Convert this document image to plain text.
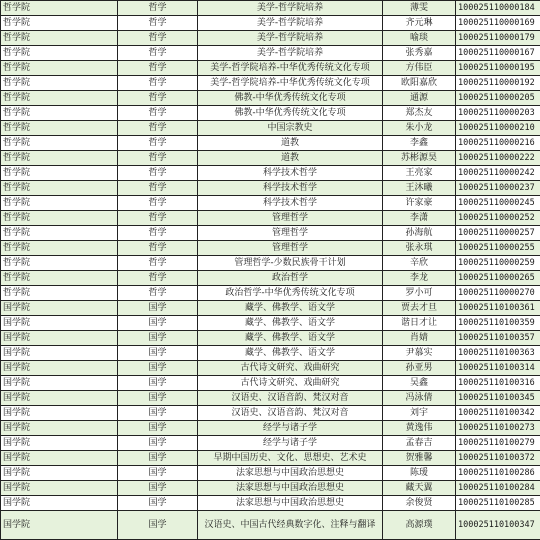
哲学院	哲学	美学-哲学院培养	薄雯	100025110000184
哲学院	哲学	美学-哲学院培养	齐元琳	100025110000169
哲学院	哲学	美学-哲学院培养	喻琰	100025110000179
哲学院	哲学	美学-哲学院培养	张秀嘉	100025110000167
哲学院	哲学	美学-哲学院培养-中华优秀传统文化专项	方伟臣	100025110000195
哲学院	哲学	美学-哲学院培养-中华优秀传统文化专项	欧阳嘉欣	100025110000192
哲学院	哲学	佛教-中华优秀传统文化专项	通源	100025110000205
哲学院	哲学	佛教-中华优秀传统文化专项	郑杰友	100025110000203
哲学院	哲学	中国宗教史	朱小龙	100025110000210
哲学院	哲学	道教	李鑫	100025110000216
哲学院	哲学	道教	苏彬源昊	100025110000222
哲学院	哲学	科学技术哲学	王亮家	100025110000242
哲学院	哲学	科学技术哲学	王沐曦	100025110000237
哲学院	哲学	科学技术哲学	许家豪	100025110000245
哲学院	哲学	管理哲学	李潇	100025110000252
哲学院	哲学	管理哲学	孙海航	100025110000257
哲学院	哲学	管理哲学	张永琪	100025110000255
哲学院	哲学	管理哲学-少数民族骨干计划	辛欣	100025110000259
哲学院	哲学	政治哲学	李龙	100025110000265
哲学院	哲学	政治哲学-中华优秀传统文化专项	罗小可	100025110000270
国学院	国学	藏学、佛教学、语文学	贾去才旦	100025110100361
国学院	国学	藏学、佛教学、语文学	谐日才让	100025110100359
国学院	国学	藏学、佛教学、语文学	肖婧	100025110100357
国学院	国学	藏学、佛教学、语文学	尹慕实	100025110100363
国学院	国学	古代诗文研究、戏曲研究	孙亚男	100025110100314
国学院	国学	古代诗文研究、戏曲研究	吴鑫	100025110100316
国学院	国学	汉语史、汉语音韵、梵汉对音	冯泳倩	100025110100345
国学院	国学	汉语史、汉语音韵、梵汉对音	刘宇	100025110100342
国学院	国学	经学与诸子学	黄逸伟	100025110100273
国学院	国学	经学与诸子学	孟春吉	100025110100279
国学院	国学	早期中国历史、文化、思想史、艺术史	贺雅馨	100025110100372
国学院	国学	法家思想与中国政治思想史	陈瑷	100025110100286
国学院	国学	法家思想与中国政治思想史	藏天翼	100025110100284
国学院	国学	法家思想与中国政治思想史	余俊贤	100025110100285
国学院	国学	汉语史、中国古代经典数字化、注释与翻译	高源璞	100025110100347
